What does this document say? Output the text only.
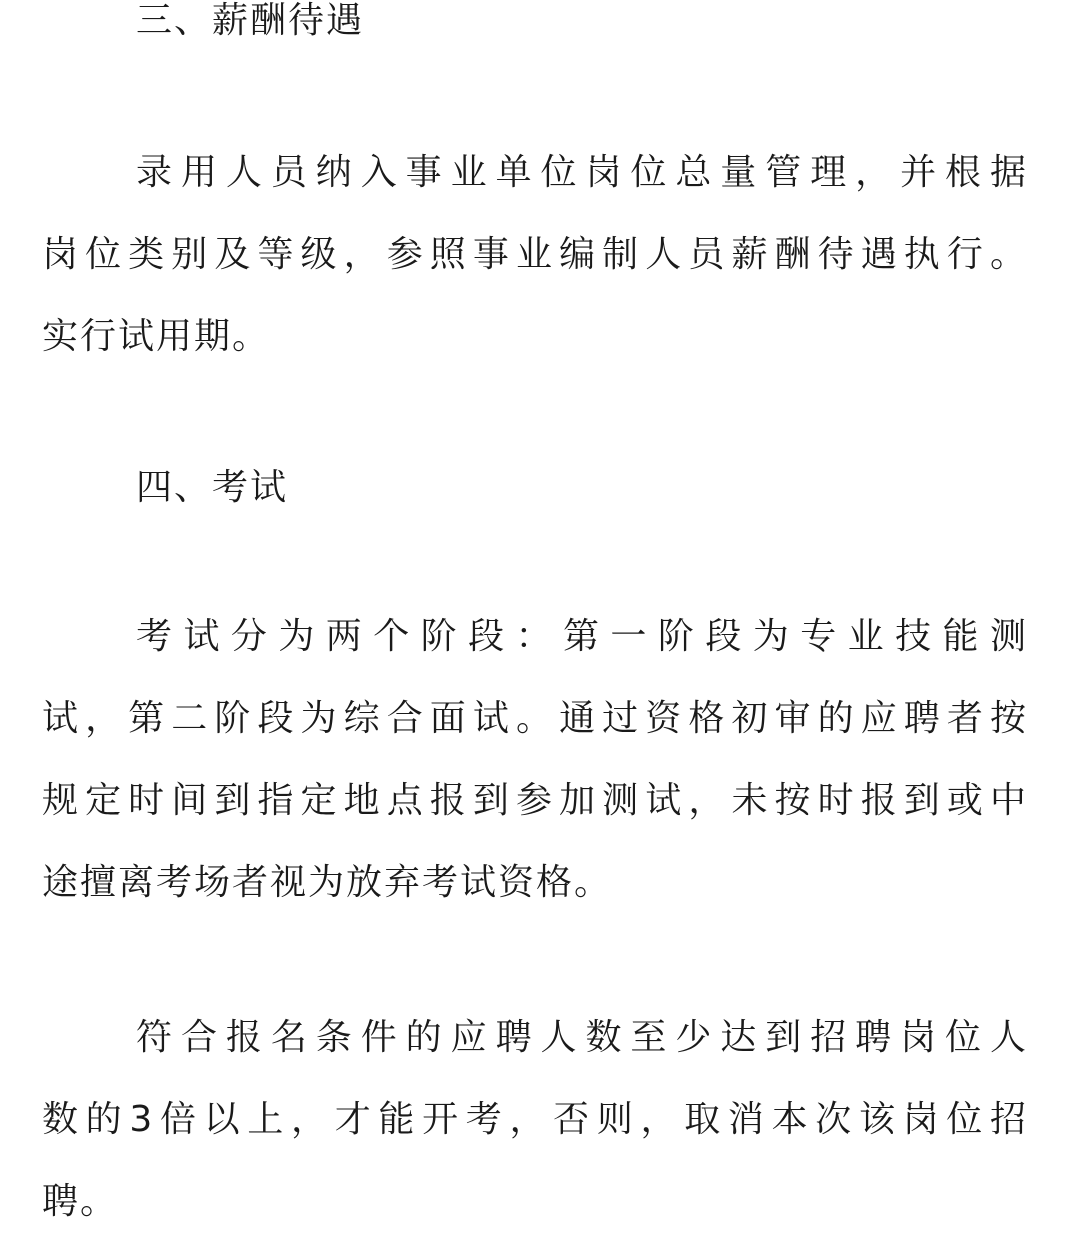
三、薪酬待遇
录用人员纳入事业单位岗位总量管理，并根据
岗位类别及等级，参照事业编制人员薪酬待遇执行。
实行试用期。
四、考试
考试分为两个阶段：第一阶段为专业技能测
试，第二阶段为综合面试。通过资格初审的应聘者按
规定时间到指定地点报到参加测试，未按时报到或中
途擅离考场者视为放弃考试资格。
符合报名条件的应聘人数至少达到招聘岗位人
数的3倍以上，才能开考，否则，取消本次该岗位招
聘。
